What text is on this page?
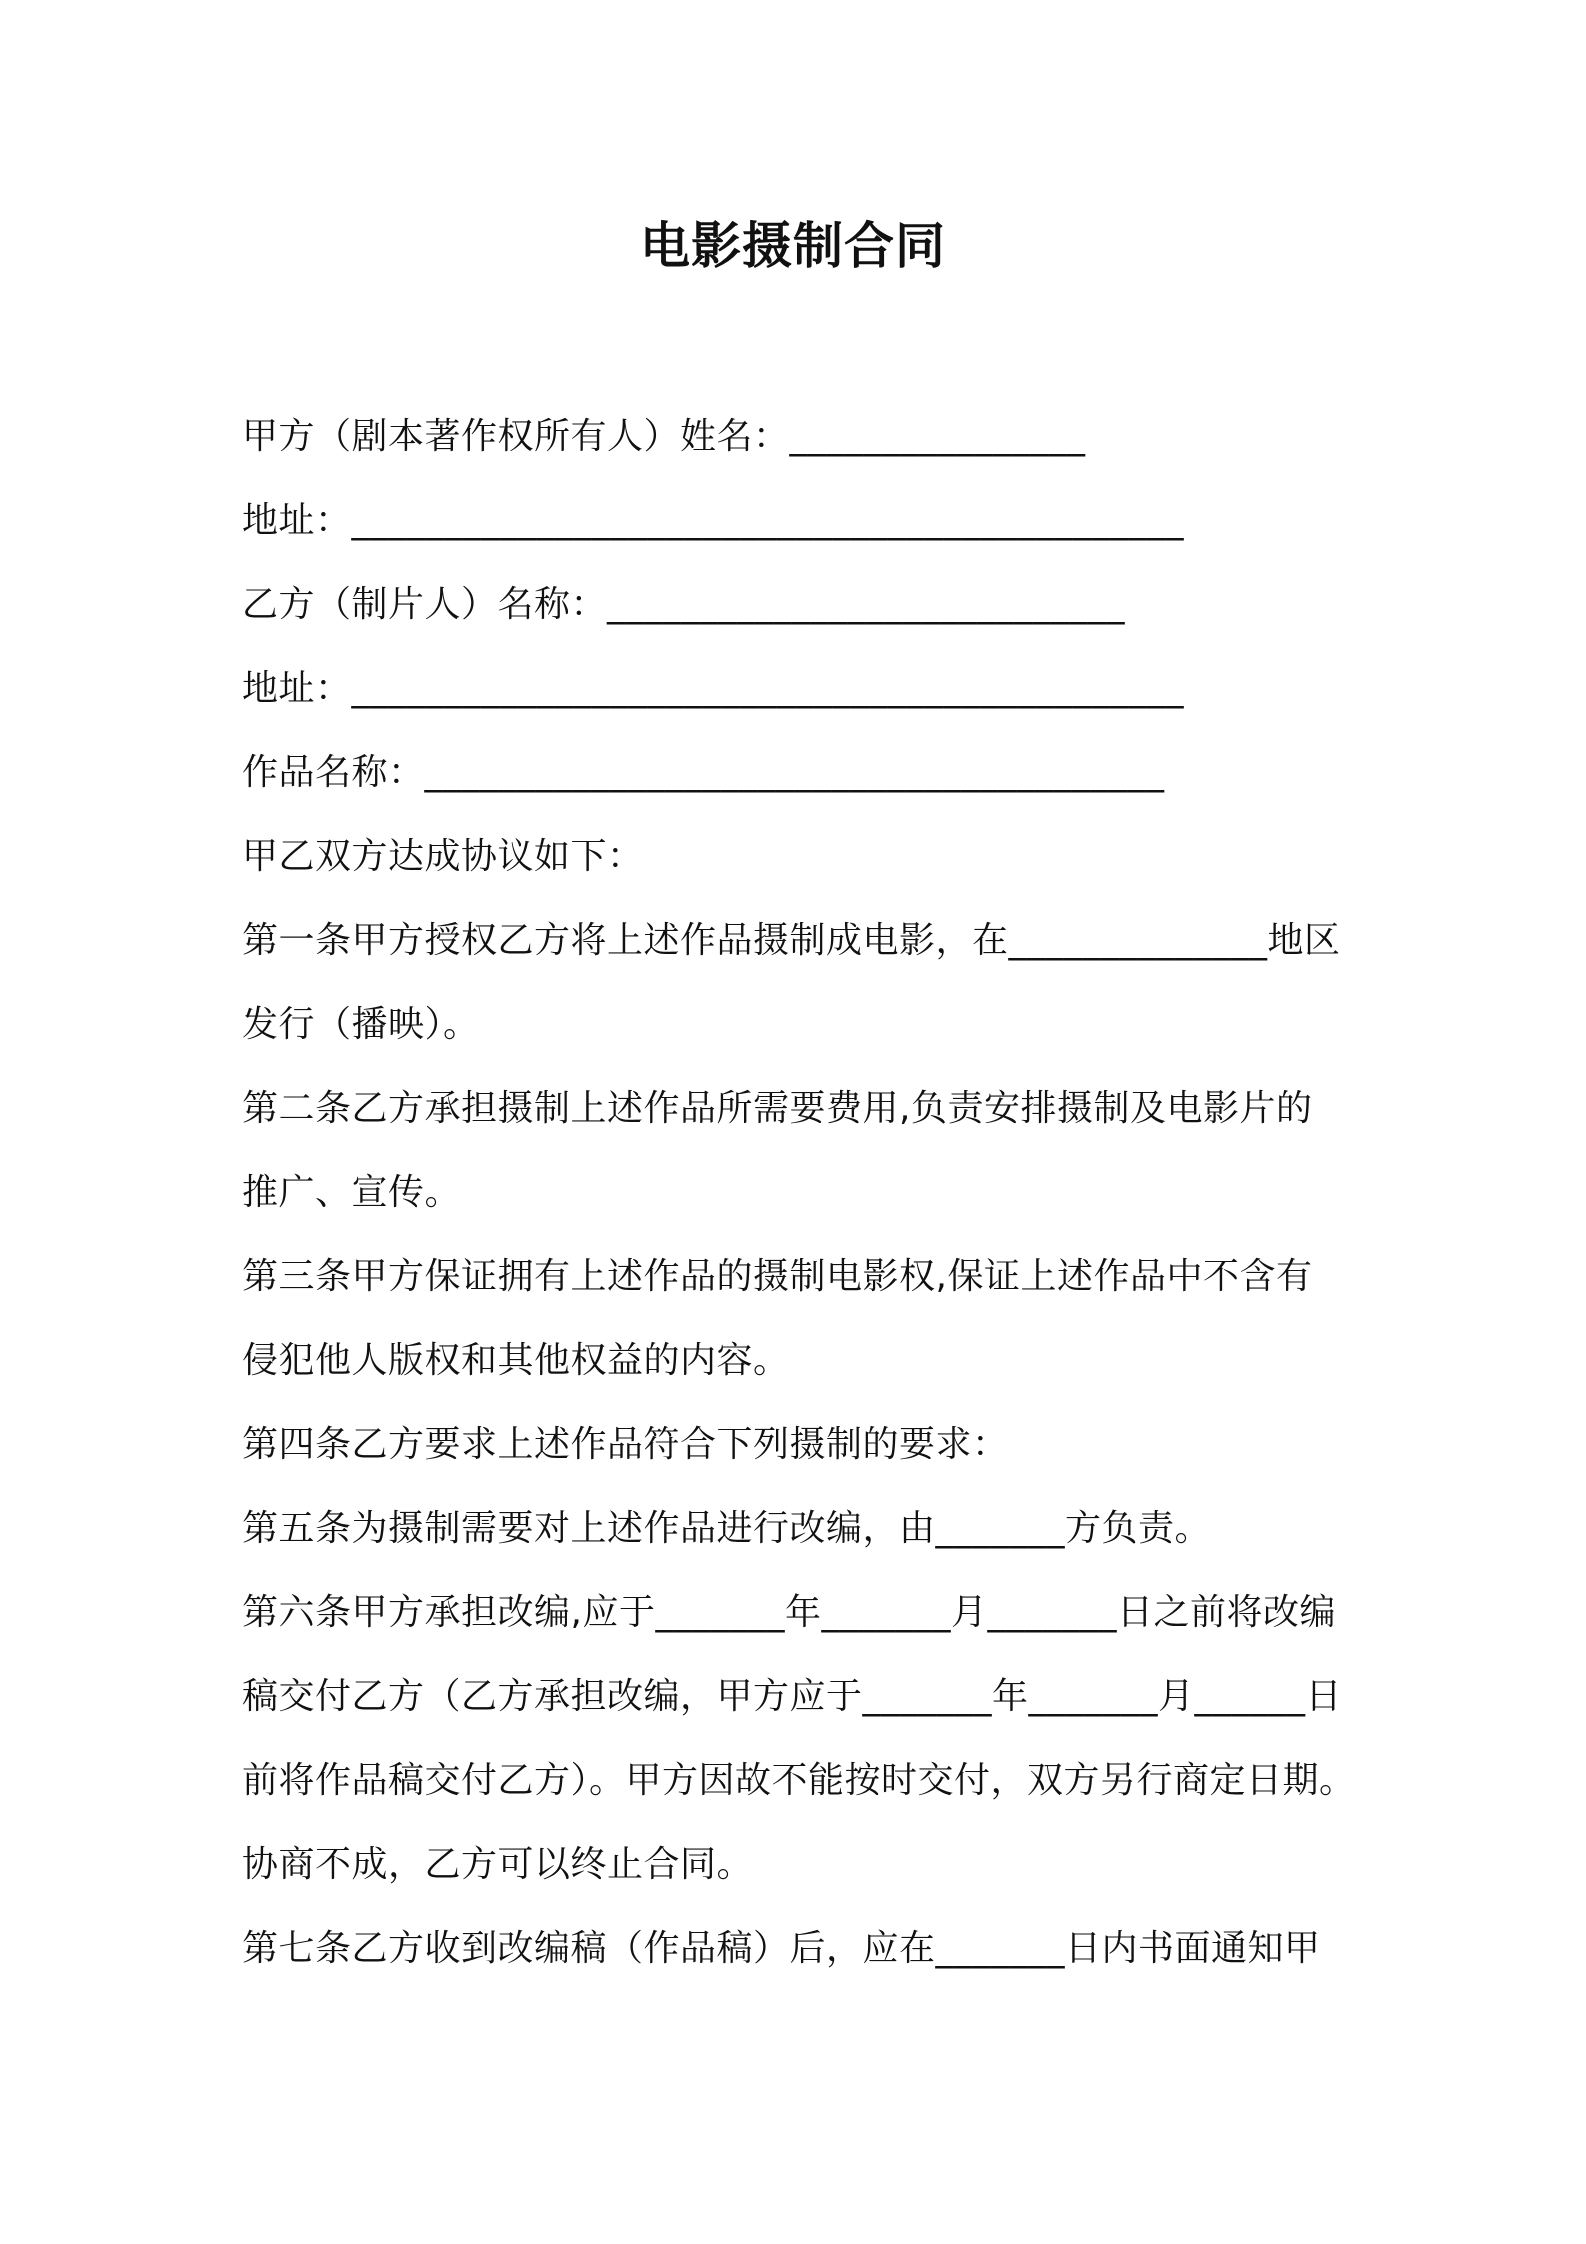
电影摄制合同
甲方（剧本著作权所有人）姓名：________________
地址：_____________________________________________
乙方（制片人）名称：____________________________
地址：_____________________________________________
作品名称：________________________________________
甲乙双方达成协议如下：
第一条甲方授权乙方将上述作品摄制成电影，在______________地区
发行（播映）。
第二条乙方承担摄制上述作品所需要费用,负责安排摄制及电影片的
推广、宣传。
第三条甲方保证拥有上述作品的摄制电影权,保证上述作品中不含有
侵犯他人版权和其他权益的内容。
第四条乙方要求上述作品符合下列摄制的要求：
第五条为摄制需要对上述作品进行改编，由_______方负责。
第六条甲方承担改编,应于_______年_______月_______日之前将改编
稿交付乙方（乙方承担改编，甲方应于_______年_______月______日
前将作品稿交付乙方）。甲方因故不能按时交付，双方另行商定日期。
协商不成，乙方可以终止合同。
第七条乙方收到改编稿（作品稿）后，应在_______日内书面通知甲
